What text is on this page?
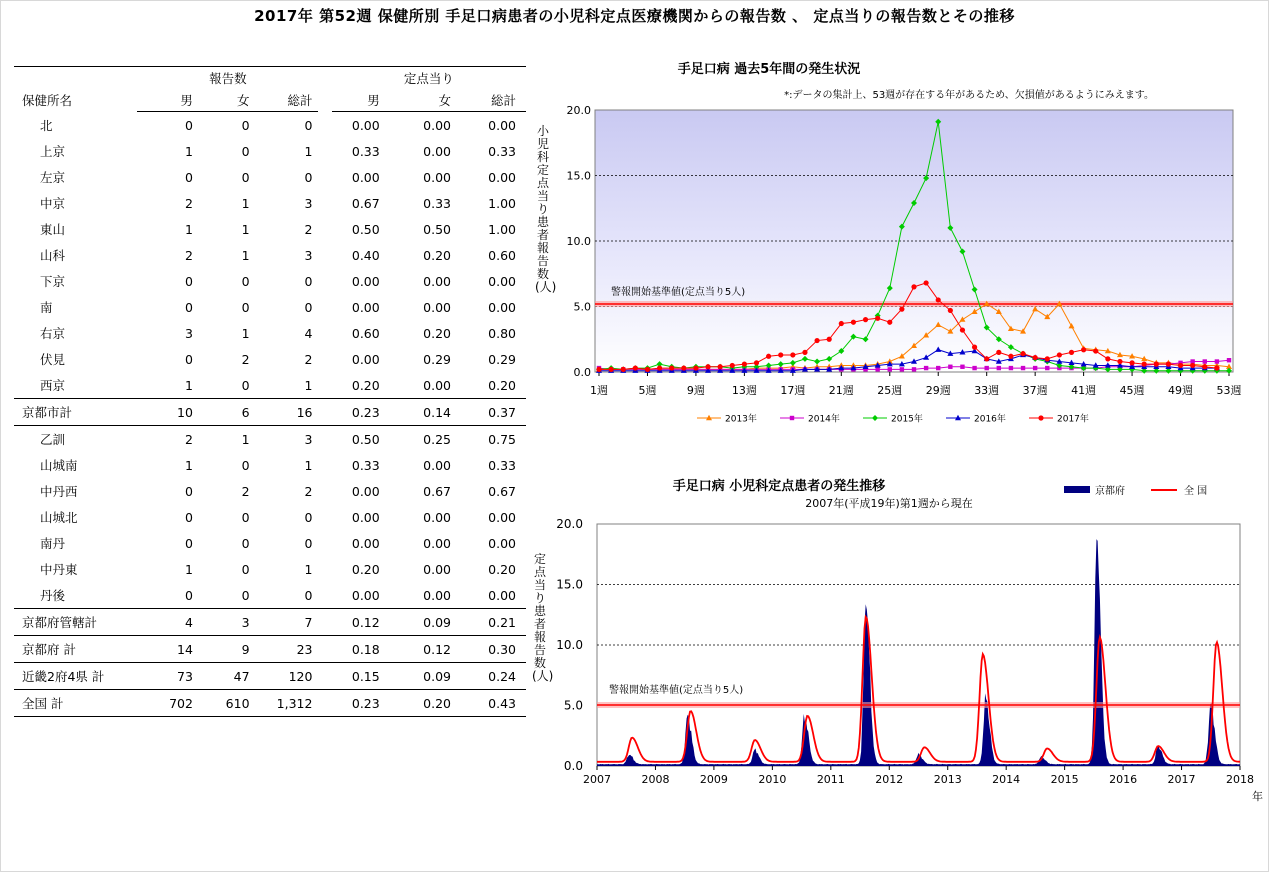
2017年 第52週 保健所別 手足口病患者の小児科定点医療機関からの報告数 、 定点当りの報告数とその推移
	報告数				定点当り		
保健所名	男	女	総計		男	女	総計
北	0	0	0		0.00	0.00	0.00
上京	1	0	1		0.33	0.00	0.33
左京	0	0	0		0.00	0.00	0.00
中京	2	1	3		0.67	0.33	1.00
東山	1	1	2		0.50	0.50	1.00
山科	2	1	3		0.40	0.20	0.60
下京	0	0	0		0.00	0.00	0.00
南	0	0	0		0.00	0.00	0.00
右京	3	1	4		0.60	0.20	0.80
伏見	0	2	2		0.00	0.29	0.29
西京	1	0	1		0.20	0.00	0.20
京都市計	10	6	16		0.23	0.14	0.37
乙訓	2	1	3		0.50	0.25	0.75
山城南	1	0	1		0.33	0.00	0.33
中丹西	0	2	2		0.00	0.67	0.67
山城北	0	0	0		0.00	0.00	0.00
南丹	0	0	0		0.00	0.00	0.00
中丹東	1	0	1		0.20	0.00	0.20
丹後	0	0	0		0.00	0.00	0.00
京都府管轄計	4	3	7		0.12	0.09	0.21
京都府 計	14	9	23		0.18	0.12	0.30
近畿2府4県 計	73	47	120		0.15	0.09	0.24
全国 計	702	610	1,312		0.23	0.20	0.43
手足口病 過去5年間の発生状況
*:データの集計上、53週が存在する年があるため、欠損値があるようにみえます。
0.0
5.0
10.0
15.0
20.0
1週	5週	9週 13週 17週 21週 25週 29週 33週 37週 41週 45週 49週 53週
警報開始基準値(定点当り5人)
2013年	2014年	2015年	2016年	2017年
小児科定点当り患者報告数(人)
手足口病 小児科定点患者の発生推移
2007年(平成19年)第1週から現在
0.0
5.0
10.0
15.0
20.0
2007	2008	2009	2010	2011	2012	2013	2014	2015	2016	2017	2018
警報開始基準値(定点当り5人)
京都府	全 国
年
定点当り患者報告数(人)
